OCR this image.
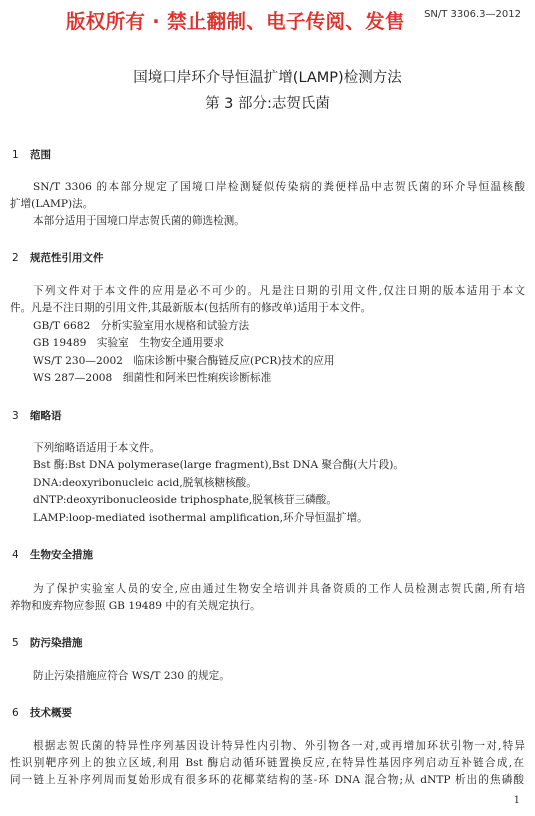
版权所有 · 禁止翻制、电子传阅、发售 SN/T 3306.3—2012
国境口岸环介导恒温扩增(LAMP)检测方法
第 3 部分:志贺氏菌
1 范围
SN/T 3306 的本部分规定了国境口岸检测疑似传染病的粪便样品中志贺氏菌的环介导恒温核酸
扩增(LAMP)法。
本部分适用于国境口岸志贺氏菌的筛选检测。
2 规范性引用文件
下列文件对于本文件的应用是必不可少的。凡是注日期的引用文件,仅注日期的版本适用于本文
件。凡是不注日期的引用文件,其最新版本(包括所有的修改单)适用于本文件。
GB/T 6682　分析实验室用水规格和试验方法
GB 19489　实验室　生物安全通用要求
WS/T 230—2002　临床诊断中聚合酶链反应(PCR)技术的应用
WS 287—2008　细菌性和阿米巴性痢疾诊断标准
3 缩略语
下列缩略语适用于本文件。
Bst 酶:Bst DNA polymerase(large fragment),Bst DNA 聚合酶(大片段)。
DNA:deoxyribonucleic acid,脱氧核糖核酸。
dNTP:deoxyribonucleoside triphosphate,脱氧核苷三磷酸。
LAMP:loop-mediated isothermal amplification,环介导恒温扩增。
4 生物安全措施
为了保护实验室人员的安全,应由通过生物安全培训并具备资质的工作人员检测志贺氏菌,所有培
养物和废弃物应参照 GB 19489 中的有关规定执行。
5 防污染措施
防止污染措施应符合 WS/T 230 的规定。
6 技术概要
根据志贺氏菌的特异性序列基因设计特异性内引物、外引物各一对,或再增加环状引物一对,特异
性识别靶序列上的独立区域,利用 Bst 酶启动循环链置换反应,在特异性基因序列启动互补链合成,在
同一链上互补序列周而复始形成有很多环的花椰菜结构的茎-环 DNA 混合物;从 dNTP 析出的焦磷酸
1
